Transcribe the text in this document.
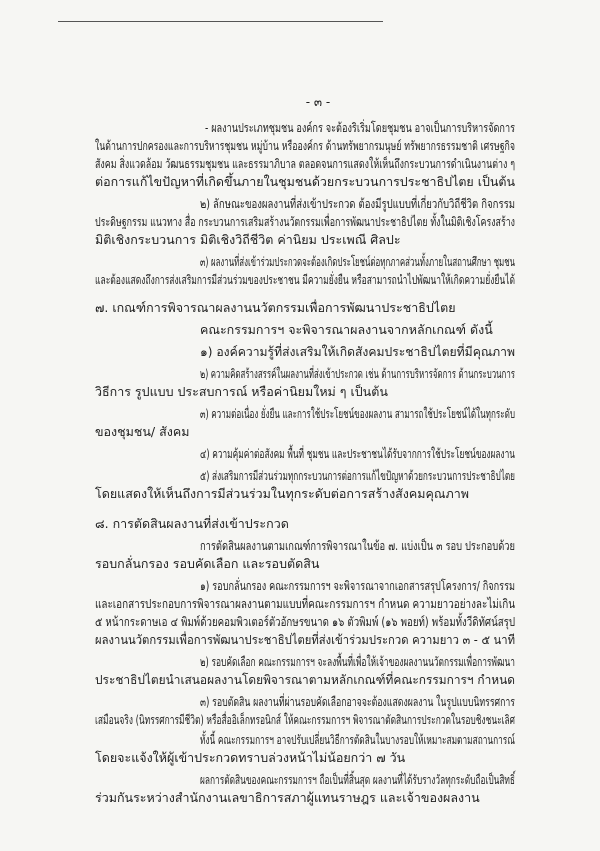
- ๓ -
- ผลงานประเภทชุมชน องค์กร จะต้องริเริ่มโดยชุมชน อาจเป็นการบริหารจัดการ
ในด้านการปกครองและการบริหารชุมชน หมู่บ้าน หรือองค์กร ด้านทรัพยากรมนุษย์ ทรัพยากรธรรมชาติ เศรษฐกิจ
สังคม สิ่งแวดล้อม วัฒนธรรมชุมชน และธรรมาภิบาล ตลอดจนการแสดงให้เห็นถึงกระบวนการดำเนินงานต่าง ๆ
ต่อการแก้ไขปัญหาที่เกิดขึ้นภายในชุมชนด้วยกระบวนการประชาธิปไตย เป็นต้น
๒) ลักษณะของผลงานที่ส่งเข้าประกวด ต้องมีรูปแบบที่เกี่ยวกับวิถีชีวิต กิจกรรม
ประดิษฐกรรม แนวทาง สื่อ กระบวนการเสริมสร้างนวัตกรรมเพื่อการพัฒนาประชาธิปไตย ทั้งในมิติเชิงโครงสร้าง
มิติเชิงกระบวนการ มิติเชิงวิถีชีวิต ค่านิยม ประเพณี ศิลปะ
๓) ผลงานที่ส่งเข้าร่วมประกวดจะต้องเกิดประโยชน์ต่อทุกภาคส่วนทั้งภายในสถานศึกษา ชุมชน
และต้องแสดงถึงการส่งเสริมการมีส่วนร่วมของประชาชน มีความยั่งยืน หรือสามารถนำไปพัฒนาให้เกิดความยั่งยืนได้
๗. เกณฑ์การพิจารณาผลงานนวัตกรรมเพื่อการพัฒนาประชาธิปไตย
คณะกรรมการฯ จะพิจารณาผลงานจากหลักเกณฑ์ ดังนี้
๑) องค์ความรู้ที่ส่งเสริมให้เกิดสังคมประชาธิปไตยที่มีคุณภาพ
๒) ความคิดสร้างสรรค์ในผลงานที่ส่งเข้าประกวด เช่น ด้านการบริหารจัดการ ด้านกระบวนการ
วิธีการ รูปแบบ ประสบการณ์ หรือค่านิยมใหม่ ๆ เป็นต้น
๓) ความต่อเนื่อง ยั่งยืน และการใช้ประโยชน์ของผลงาน สามารถใช้ประโยชน์ได้ในทุกระดับ
ของชุมชน/ สังคม
๔) ความคุ้มค่าต่อสังคม พื้นที่ ชุมชน และประชาชนได้รับจากการใช้ประโยชน์ของผลงาน
๕) ส่งเสริมการมีส่วนร่วมทุกกระบวนการต่อการแก้ไขปัญหาด้วยกระบวนการประชาธิปไตย
โดยแสดงให้เห็นถึงการมีส่วนร่วมในทุกระดับต่อการสร้างสังคมคุณภาพ
๘. การตัดสินผลงานที่ส่งเข้าประกวด
การตัดสินผลงานตามเกณฑ์การพิจารณาในข้อ ๗. แบ่งเป็น ๓ รอบ ประกอบด้วย
รอบกลั่นกรอง รอบคัดเลือก และรอบตัดสิน
๑) รอบกลั่นกรอง คณะกรรมการฯ จะพิจารณาจากเอกสารสรุปโครงการ/ กิจกรรม
และเอกสารประกอบการพิจารณาผลงานตามแบบที่คณะกรรมการฯ กำหนด ความยาวอย่างละไม่เกิน
๕ หน้ากระดาษเอ ๔ พิมพ์ด้วยคอมพิวเตอร์ตัวอักษรขนาด ๑๖ ตัวพิมพ์ (๑๖ พอยท์) พร้อมทั้งวีดิทัศน์สรุป
ผลงานนวัตกรรมเพื่อการพัฒนาประชาธิปไตยที่ส่งเข้าร่วมประกวด ความยาว ๓ - ๕ นาที
๒) รอบคัดเลือก คณะกรรมการฯ จะลงพื้นที่เพื่อให้เจ้าของผลงานนวัตกรรมเพื่อการพัฒนา
ประชาธิปไตยนำเสนอผลงานโดยพิจารณาตามหลักเกณฑ์ที่คณะกรรมการฯ กำหนด
๓) รอบตัดสิน ผลงานที่ผ่านรอบคัดเลือกอาจจะต้องแสดงผลงาน ในรูปแบบนิทรรศการ
เสมือนจริง (นิทรรศการมีชีวิต) หรือสื่ออิเล็กทรอนิกส์ ให้คณะกรรมการฯ พิจารณาตัดสินการประกวดในรอบชิงชนะเลิศ
ทั้งนี้ คณะกรรมการฯ อาจปรับเปลี่ยนวิธีการตัดสินในบางรอบให้เหมาะสมตามสถานการณ์
โดยจะแจ้งให้ผู้เข้าประกวดทราบล่วงหน้าไม่น้อยกว่า ๗ วัน
ผลการตัดสินของคณะกรรมการฯ ถือเป็นที่สิ้นสุด ผลงานที่ได้รับรางวัลทุกระดับถือเป็นสิทธิ์
ร่วมกันระหว่างสำนักงานเลขาธิการสภาผู้แทนราษฎร และเจ้าของผลงาน
